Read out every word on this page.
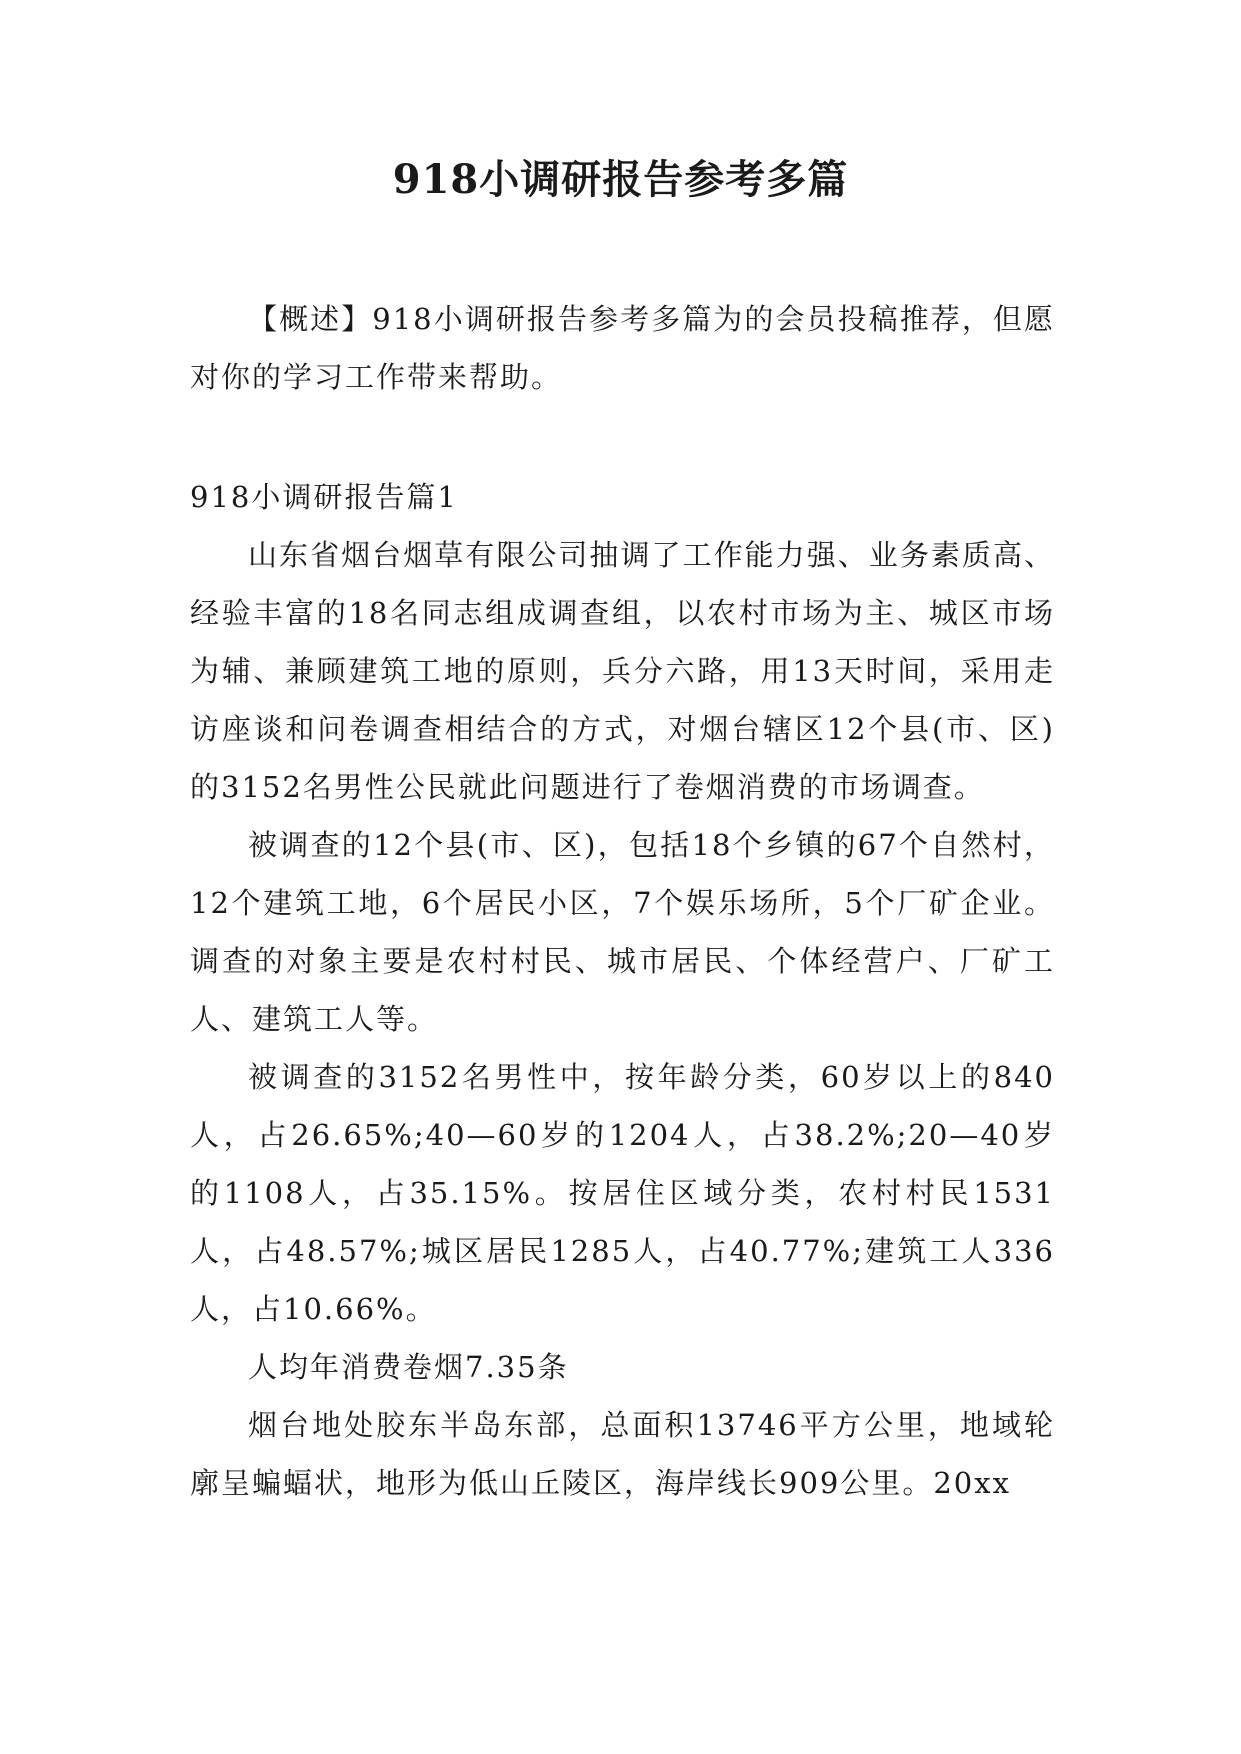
918小调研报告参考多篇

【概述】918小调研报告参考多篇为的会员投稿推荐，但愿对你的学习工作带来帮助。

918小调研报告篇1

山东省烟台烟草有限公司抽调了工作能力强、业务素质高、经验丰富的18名同志组成调查组，以农村市场为主、城区市场为辅、兼顾建筑工地的原则，兵分六路，用13天时间，采用走访座谈和问卷调查相结合的方式，对烟台辖区12个县(市、区)的3152名男性公民就此问题进行了卷烟消费的市场调查。

被调查的12个县(市、区)，包括18个乡镇的67个自然村，12个建筑工地，6个居民小区，7个娱乐场所，5个厂矿企业。调查的对象主要是农村村民、城市居民、个体经营户、厂矿工人、建筑工人等。

被调查的3152名男性中，按年龄分类，60岁以上的840人，占26.65%;40—60岁的1204人，占38.2%;20—40岁的1108人，占35.15%。按居住区域分类，农村村民1531人，占48.57%;城区居民1285人，占40.77%;建筑工人336人，占10.66%。

人均年消费卷烟7.35条

烟台地处胶东半岛东部，总面积13746平方公里，地域轮廓呈蝙蝠状，地形为低山丘陵区，海岸线长909公里。20xx
